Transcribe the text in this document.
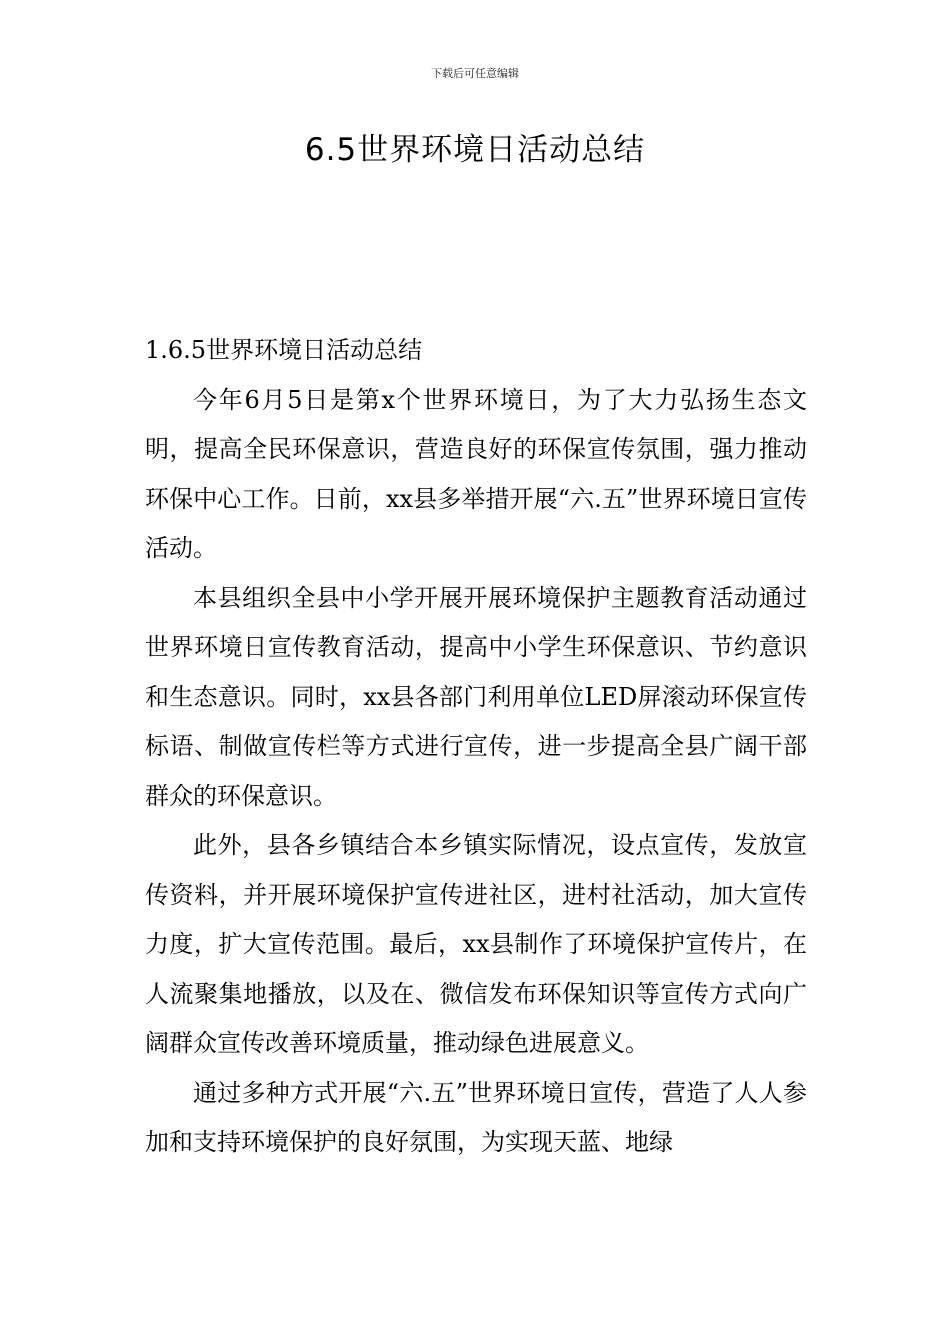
下载后可任意编辑
6.5世界环境日活动总结

1.6.5世界环境日活动总结

今年6月5日是第x个世界环境日，为了大力弘扬生态文明，提高全民环保意识，营造良好的环保宣传氛围，强力推动环保中心工作。日前，xx县多举措开展“六.五”世界环境日宣传活动。

本县组织全县中小学开展开展环境保护主题教育活动通过世界环境日宣传教育活动，提高中小学生环保意识、节约意识和生态意识。同时，xx县各部门利用单位LED屏滚动环保宣传标语、制做宣传栏等方式进行宣传，进一步提高全县广阔干部群众的环保意识。

此外，县各乡镇结合本乡镇实际情况，设点宣传，发放宣传资料，并开展环境保护宣传进社区，进村社活动，加大宣传力度，扩大宣传范围。最后，xx县制作了环境保护宣传片，在人流聚集地播放，以及在、微信发布环保知识等宣传方式向广阔群众宣传改善环境质量，推动绿色进展意义。

通过多种方式开展“六.五”世界环境日宣传，营造了人人参加和支持环境保护的良好氛围，为实现天蓝、地绿
